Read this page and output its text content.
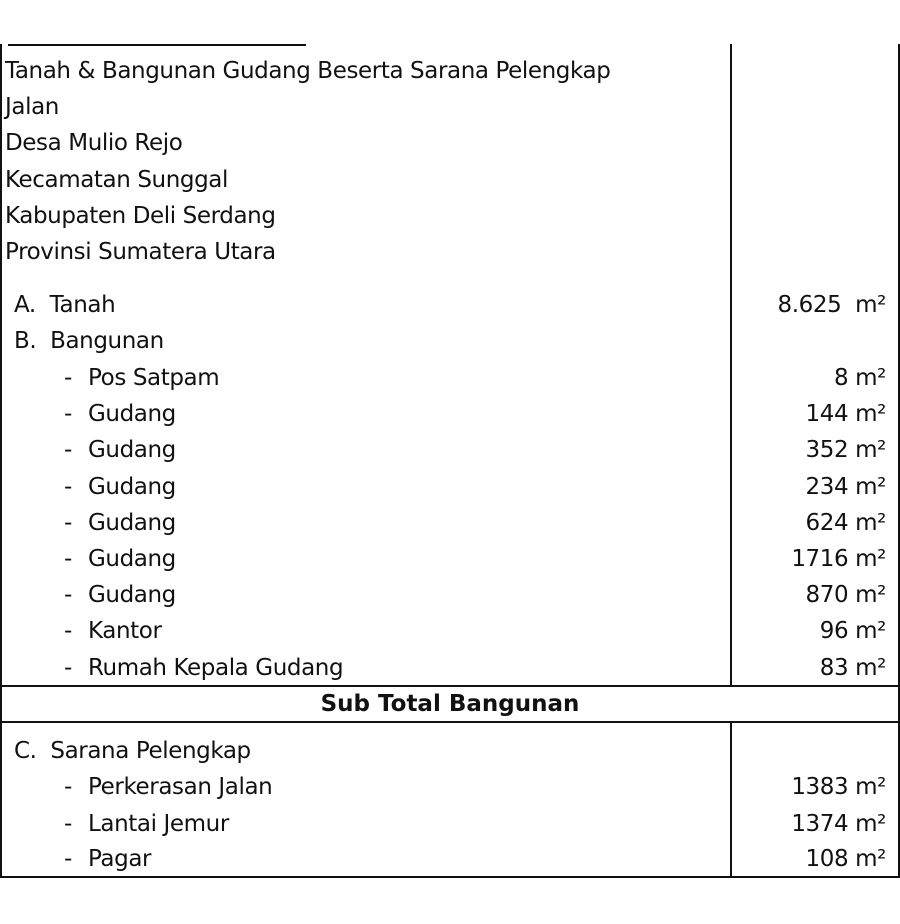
Tanah & Bangunan Gudang Beserta Sarana Pelengkap
Jalan
Desa Mulio Rejo
Kecamatan Sunggal
Kabupaten Deli Serdang
Provinsi Sumatera Utara
A.  Tanah	8.625 m²
B.  Bangunan
- Pos Satpam	8 m²
- Gudang	144 m²
- Gudang	352 m²
- Gudang	234 m²
- Gudang	624 m²
- Gudang	1716 m²
- Gudang	870 m²
- Kantor	96 m²
- Rumah Kepala Gudang	83 m²
Sub Total Bangunan
C.  Sarana Pelengkap
- Perkerasan Jalan	1383 m²
- Lantai Jemur	1374 m²
- Pagar	108 m²
